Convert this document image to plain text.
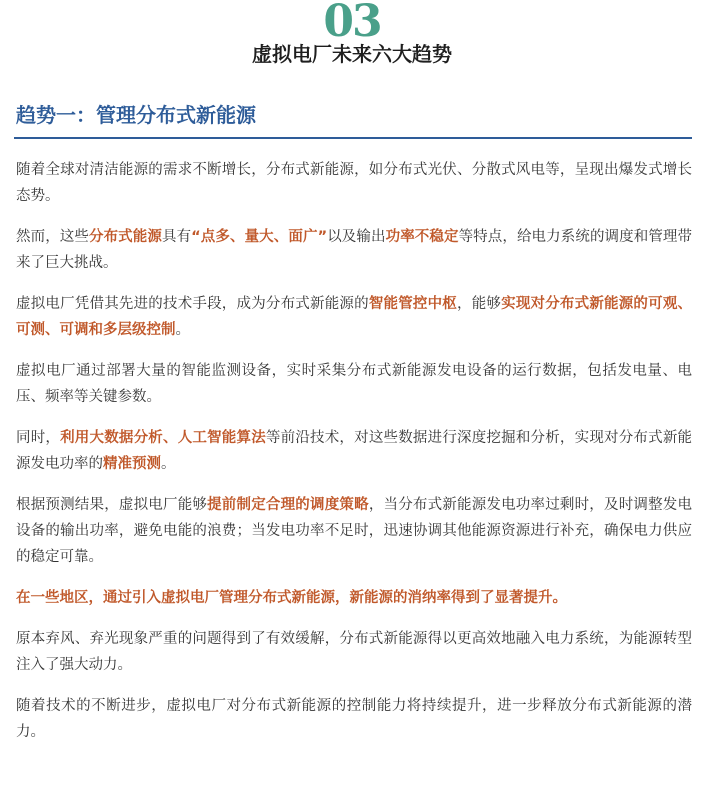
03
虚拟电厂未来六大趋势
趋势一：管理分布式新能源

随着全球对清洁能源的需求不断增长，分布式新能源，如分布式光伏、分散式风电等，呈现出爆发式增长态势。

然而，这些分布式能源具有“点多、量大、面广”以及输出功率不稳定等特点，给电力系统的调度和管理带来了巨大挑战。

虚拟电厂凭借其先进的技术手段，成为分布式新能源的智能管控中枢，能够实现对分布式新能源的可观、可测、可调和多层级控制。

虚拟电厂通过部署大量的智能监测设备，实时采集分布式新能源发电设备的运行数据，包括发电量、电压、频率等关键参数。

同时，利用大数据分析、人工智能算法等前沿技术，对这些数据进行深度挖掘和分析，实现对分布式新能源发电功率的精准预测。

根据预测结果，虚拟电厂能够提前制定合理的调度策略，当分布式新能源发电功率过剩时，及时调整发电设备的输出功率，避免电能的浪费；当发电功率不足时，迅速协调其他能源资源进行补充，确保电力供应的稳定可靠。

在一些地区，通过引入虚拟电厂管理分布式新能源，新能源的消纳率得到了显著提升。

原本弃风、弃光现象严重的问题得到了有效缓解，分布式新能源得以更高效地融入电力系统，为能源转型注入了强大动力。

随着技术的不断进步，虚拟电厂对分布式新能源的控制能力将持续提升，进一步释放分布式新能源的潜力。
